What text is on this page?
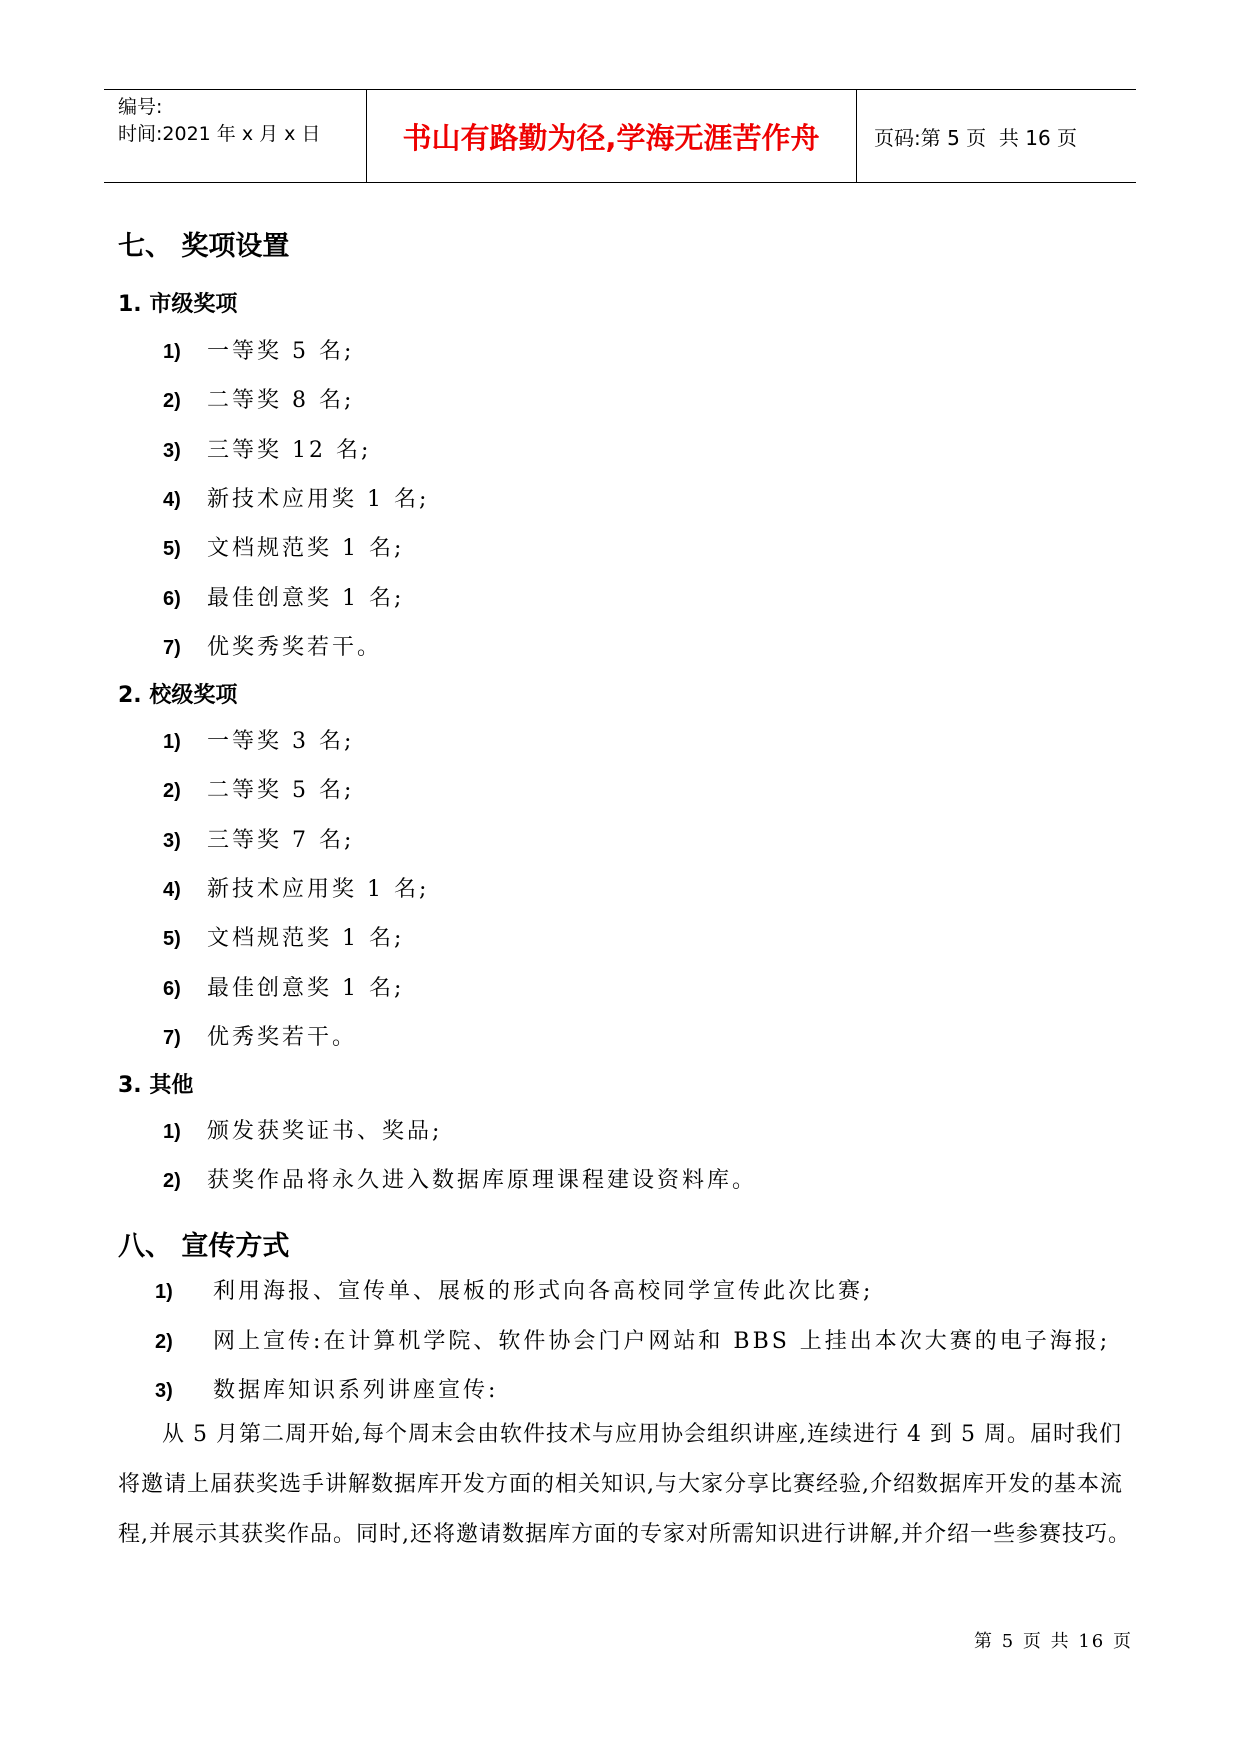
编号:
时间:2021 年 x 月 x 日	书山有路勤为径,学海无涯苦作舟	页码:第 5 页  共 16 页
七、 奖项设置
1. 市级奖项
1) 一等奖 5 名;
2) 二等奖 8 名;
3) 三等奖 12 名;
4) 新技术应用奖 1 名;
5) 文档规范奖 1 名;
6) 最佳创意奖 1 名;
7) 优奖秀奖若干。
2. 校级奖项
1) 一等奖 3 名;
2) 二等奖 5 名;
3) 三等奖 7 名;
4) 新技术应用奖 1 名;
5) 文档规范奖 1 名;
6) 最佳创意奖 1 名;
7) 优秀奖若干。
3. 其他
1) 颁发获奖证书、奖品;
2) 获奖作品将永久进入数据库原理课程建设资料库。
八、 宣传方式
1) 利用海报、宣传单、展板的形式向各高校同学宣传此次比赛;
2) 网上宣传:在计算机学院、软件协会门户网站和 BBS 上挂出本次大赛的电子海报;
3) 数据库知识系列讲座宣传:
从 5 月第二周开始,每个周末会由软件技术与应用协会组织讲座,连续进行 4 到 5 周。届时我们将邀请上届获奖选手讲解数据库开发方面的相关知识,与大家分享比赛经验,介绍数据库开发的基本流程,并展示其获奖作品。同时,还将邀请数据库方面的专家对所需知识进行讲解,并介绍一些参赛技巧。
第 5 页 共 16 页
